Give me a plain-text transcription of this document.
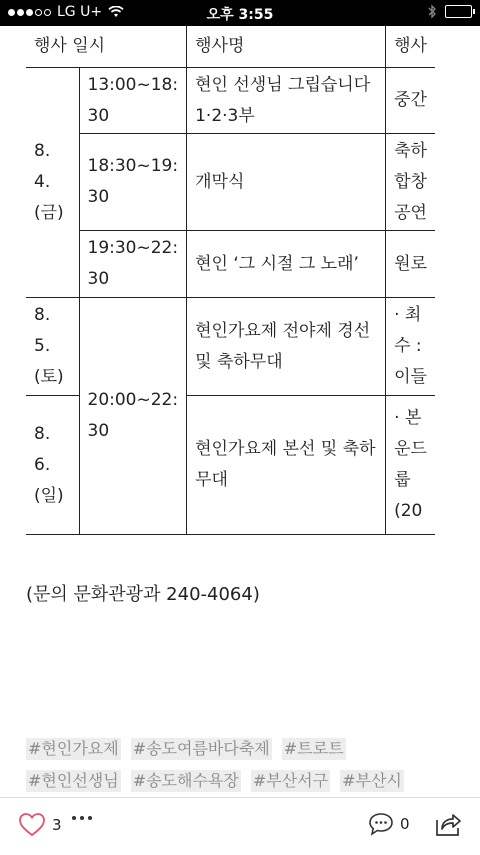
LG U+	오후 3:55
행사 일시		행사명	행사

8. 4.
(금)	13:00~18:
30	현인 선생님 그립습니다
1·2·3부	중간

	18:30~19:
30	개막식	축하
합창
공연

	19:30~22:
30	현인 ‘그 시절 그 노래’	원로

8. 5.
(토)	20:00~22:
30	현인가요제 전야제 경선
및 축하무대	· 최
수 :
이들

8. 6.
(일)		현인가요제 본선 및 축하
무대	· 본
운드
룹
(20
(문의 문화관광과 240-4064)
#현인가요제 #송도여름바다축제 #트로트
#현인선생님 #송도해수욕장 #부산서구 #부산시
3	0
